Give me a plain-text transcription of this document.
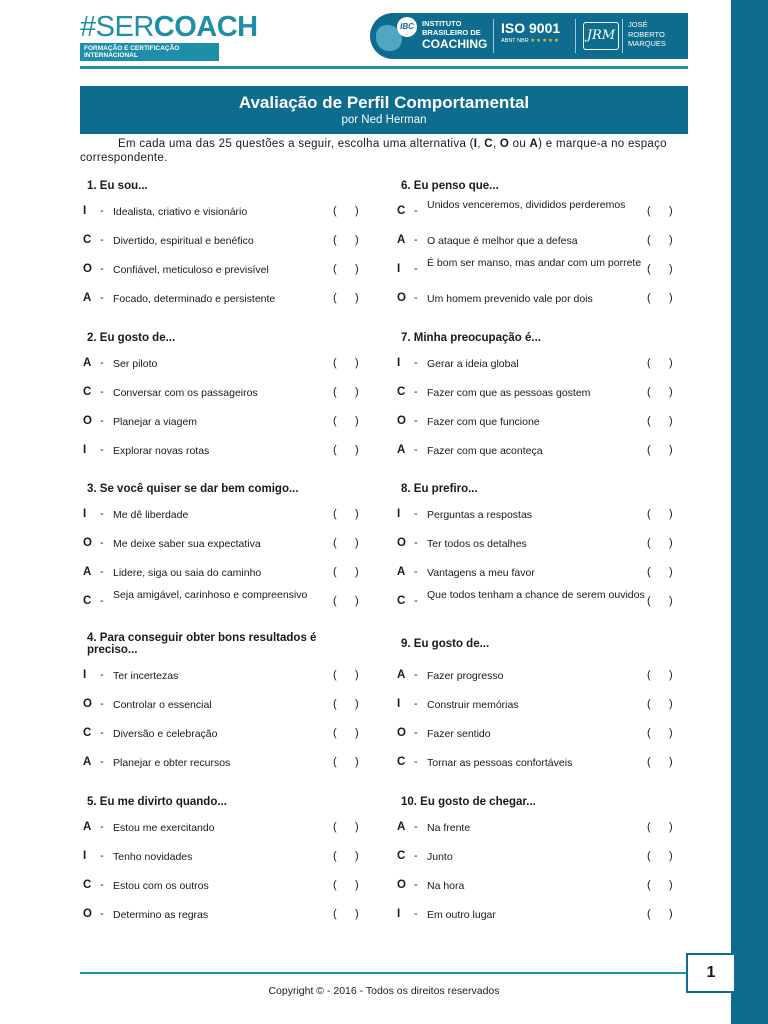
#SERCOACH
FORMAÇÃO E CERTIFICAÇÃO INTERNACIONAL
IBC	INSTITUTO
BRASILEIRO DE
COACHING
ISO 9001
ABNT NBR ★★★★★ JRM
JOSÉ
ROBERTO
MARQUES
Avaliação de Perfil Comportamental
por Ned Herman
Em cada uma das 25 questões a seguir, escolha uma alternativa (I, C, O ou A) e marque-a no espaço correspondente.
1. Eu sou...
I - Idealista, criativo e visionário	(      )
C - Divertido, espiritual e benéfico	(      )
O - Confiável, meticuloso e previsível	(      )
A - Focado, determinado e persistente	(      )
2. Eu gosto de...
A - Ser piloto	(      )
C - Conversar com os passageiros	(      )
O - Planejar a viagem	(      )
I - Explorar novas rotas	(      )
3. Se você quiser se dar bem comigo...
I - Me dê liberdade	(      )
O - Me deixe saber sua expectativa	(      )
A - Lidere, siga ou saia do caminho	(      )
C - Seja amigável, carinhoso e compreensivo	(      )
4. Para conseguir obter bons resultados é preciso...
I - Ter incertezas	(      )
O - Controlar o essencial	(      )
C - Diversão e celebração	(      )
A - Planejar e obter recursos	(      )
5. Eu me divirto quando...
A - Estou me exercitando	(      )
I - Tenho novidades	(      )
C - Estou com os outros	(      )
O - Determino as regras	(      )
6. Eu penso que...
C - Unidos venceremos, divididos perderemos	(      )
A - O ataque é melhor que a defesa	(      )
I - É bom ser manso, mas andar com um porrete (      )
O - Um homem prevenido vale por dois	(      )
7. Minha preocupação é...
I - Gerar a ideia global	(      )
C - Fazer com que as pessoas gostem	(      )
O - Fazer com que funcione	(      )
A - Fazer com que aconteça	(      )
8. Eu prefiro...
I - Perguntas a respostas	(      )
O - Ter todos os detalhes	(      )
A - Vantagens a meu favor	(      )
C - Que todos tenham a chance de serem ouvidos (      )
9. Eu gosto de...
A - Fazer progresso	(      )
I - Construir memórias	(      )
O - Fazer sentido	(      )
C - Tornar as pessoas confortáveis	(      )
10. Eu gosto de chegar...
A - Na frente	(      )
C - Junto	(      )
O - Na hora	(      )
I - Em outro lugar	(      )
1
Copyright © - 2016 - Todos os direitos reservados
